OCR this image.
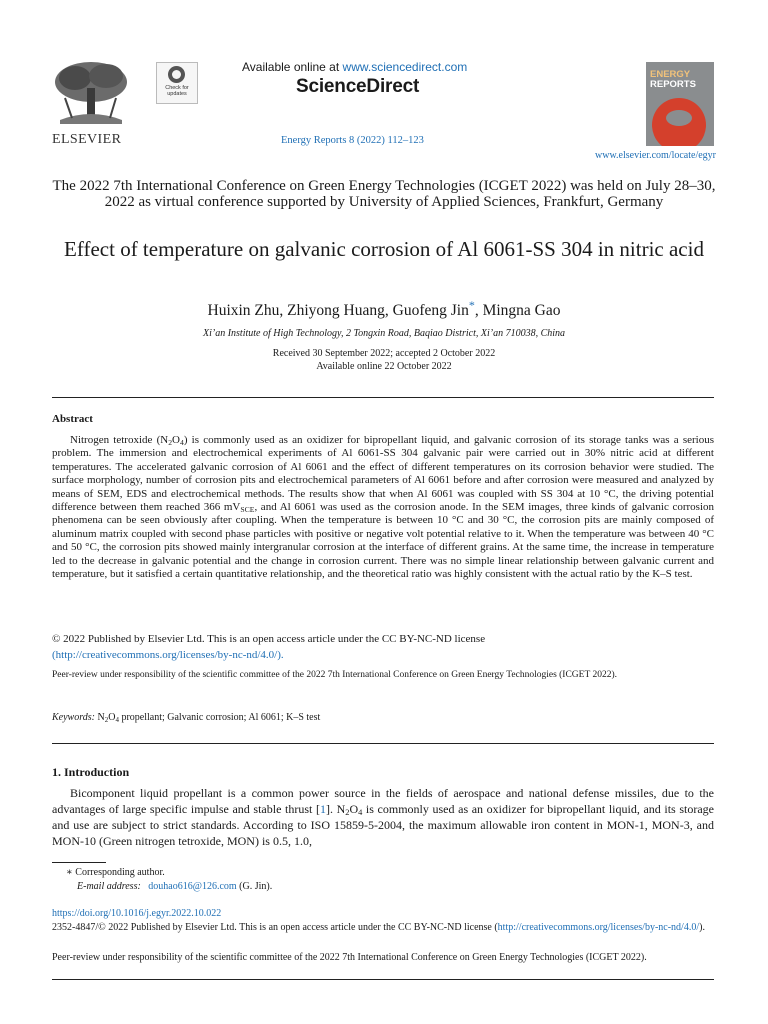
ELSEVIER
Check for updates
Available online at www.sciencedirect.com
ScienceDirect
Energy Reports 8 (2022) 112–123
ENERGY
REPORTS
www.elsevier.com/locate/egyr
The 2022 7th International Conference on Green Energy Technologies (ICGET 2022) was held on July 28–30, 2022 as virtual conference supported by University of Applied Sciences, Frankfurt, Germany
Effect of temperature on galvanic corrosion of Al 6061-SS 304 in nitric acid
Huixin Zhu, Zhiyong Huang, Guofeng Jin*, Mingna Gao
Xi’an Institute of High Technology, 2 Tongxin Road, Baqiao District, Xi’an 710038, China
Received 30 September 2022; accepted 2 October 2022
Available online 22 October 2022
Abstract
Nitrogen tetroxide $(N_2O_4)$ is commonly used as an oxidizer for bipropellant liquid, and galvanic corrosion of its storage tanks was a serious problem. The immersion and electrochemical experiments of Al 6061-SS 304 galvanic pair were carried out in 30% nitric acid at different temperatures. The accelerated galvanic corrosion of Al 6061 and the effect of different temperatures on its corrosion behavior were studied. The surface morphology, number of corrosion pits and electrochemical parameters of Al 6061 before and after corrosion were measured and analyzed by means of SEM, EDS and electrochemical methods. The results show that when Al 6061 was coupled with SS 304 at 10 °C, the driving potential difference between them reached 366 $mV_{SCE}$, and Al 6061 was used as the corrosion anode. In the SEM images, three kinds of galvanic corrosion phenomena can be seen obviously after coupling. When the temperature is between 10 °C and 30 °C, the corrosion pits are mainly composed of aluminum matrix coupled with second phase particles with positive or negative volt potential relative to it. When the temperature was between 40 °C and 50 °C, the corrosion pits showed mainly intergranular corrosion at the interface of different grains. At the same time, the increase in temperature led to the decrease in galvanic potential and the change in corrosion current. There was no simple linear relationship between galvanic current and temperature, but it satisfied a certain quantitative relationship, and the theoretical ratio was highly consistent with the actual ratio by the K–S test.
© 2022 Published by Elsevier Ltd. This is an open access article under the CC BY-NC-ND license
(http://creativecommons.org/licenses/by-nc-nd/4.0/).
Peer-review under responsibility of the scientific committee of the 2022 7th International Conference on Green Energy Technologies (ICGET 2022).
Keywords: $N_2O_4$ propellant; Galvanic corrosion; Al 6061; K–S test
1. Introduction
Bicomponent liquid propellant is a common power source in the fields of aerospace and national defense missiles, due to the advantages of large specific impulse and stable thrust [1]. $N_2O_4$ is commonly used as an oxidizer for bipropellant liquid, and its storage and use are subject to strict standards. According to ISO 15859-5-2004, the maximum allowable iron content in MON-1, MON-3, and MON-10 (Green nitrogen tetroxide, MON) is 0.5, 1.0,
∗ Corresponding author.
E-mail address: douhao616@126.com (G. Jin).
https://doi.org/10.1016/j.egyr.2022.10.022
2352-4847/© 2022 Published by Elsevier Ltd. This is an open access article under the CC BY-NC-ND license (http://creativecommons.org/licenses/by-nc-nd/4.0/).
Peer-review under responsibility of the scientific committee of the 2022 7th International Conference on Green Energy Technologies (ICGET 2022).
